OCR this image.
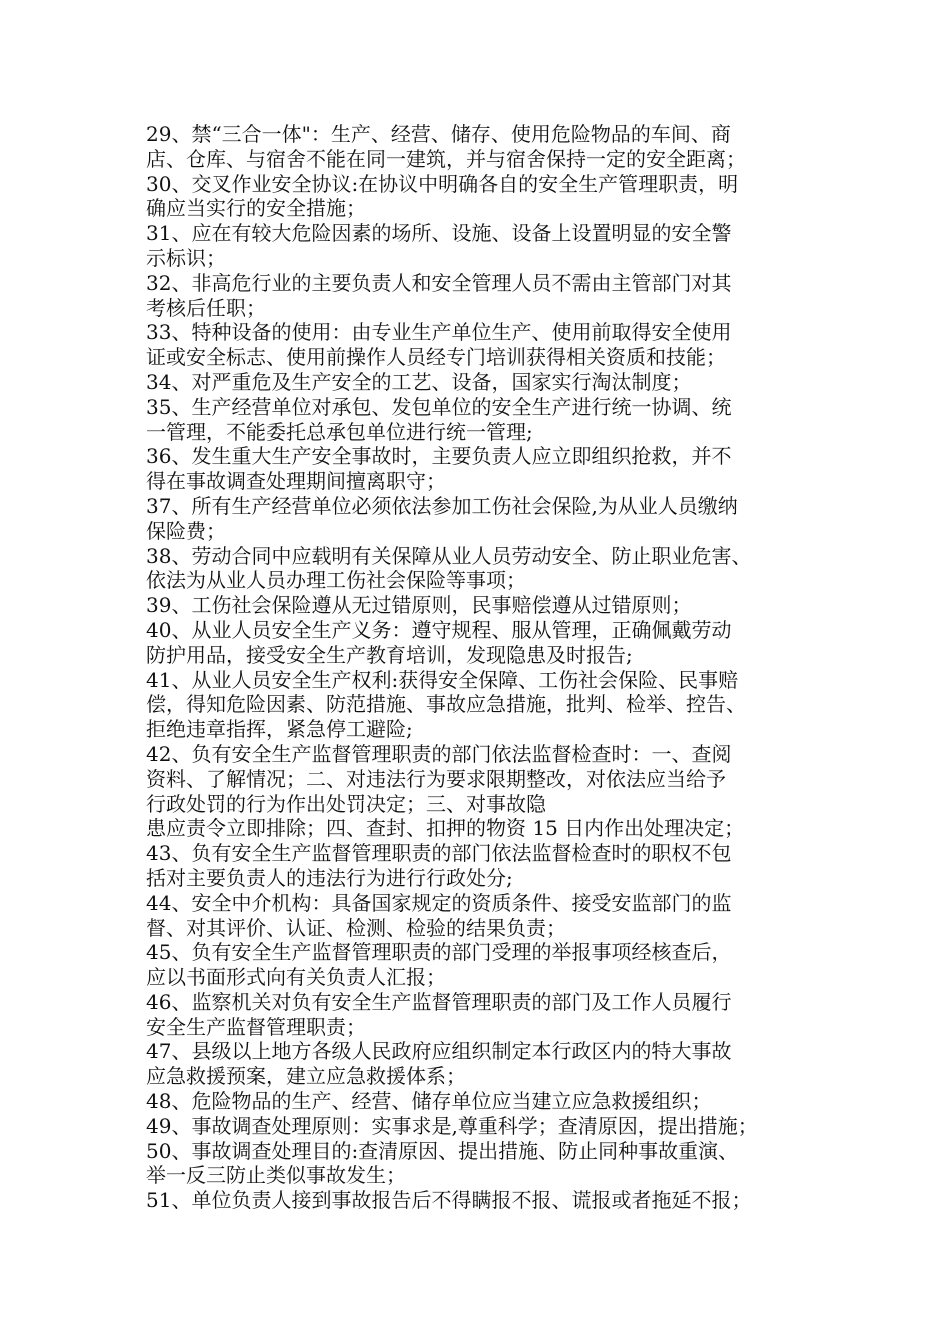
29、禁“三合一体"：生产、经营、储存、使用危险物品的车间、商
店、仓库、与宿舍不能在同一建筑，并与宿舍保持一定的安全距离；
30、交叉作业安全协议:在协议中明确各自的安全生产管理职责，明
确应当实行的安全措施；
31、应在有较大危险因素的场所、设施、设备上设置明显的安全警
示标识；
32、非高危行业的主要负责人和安全管理人员不需由主管部门对其
考核后任职；
33、特种设备的使用：由专业生产单位生产、使用前取得安全使用
证或安全标志、使用前操作人员经专门培训获得相关资质和技能；
34、对严重危及生产安全的工艺、设备，国家实行淘汰制度；
35、生产经营单位对承包、发包单位的安全生产进行统一协调、统
一管理，不能委托总承包单位进行统一管理;
36、发生重大生产安全事故时，主要负责人应立即组织抢救，并不
得在事故调查处理期间擅离职守；
37、所有生产经营单位必须依法参加工伤社会保险,为从业人员缴纳
保险费；
38、劳动合同中应载明有关保障从业人员劳动安全、防止职业危害、
依法为从业人员办理工伤社会保险等事项；
39、工伤社会保险遵从无过错原则，民事赔偿遵从过错原则；
40、从业人员安全生产义务：遵守规程、服从管理，正确佩戴劳动
防护用品，接受安全生产教育培训，发现隐患及时报告;
41、从业人员安全生产权利:获得安全保障、工伤社会保险、民事赔
偿，得知危险因素、防范措施、事故应急措施，批判、检举、控告、
拒绝违章指挥，紧急停工避险;
42、负有安全生产监督管理职责的部门依法监督检查时：一、查阅
资料、了解情况；二、对违法行为要求限期整改，对依法应当给予
行政处罚的行为作出处罚决定；三、对事故隐
患应责令立即排除；四、查封、扣押的物资 15 日内作出处理决定；
43、负有安全生产监督管理职责的部门依法监督检查时的职权不包
括对主要负责人的违法行为进行行政处分;
44、安全中介机构：具备国家规定的资质条件、接受安监部门的监
督、对其评价、认证、检测、检验的结果负责；
45、负有安全生产监督管理职责的部门受理的举报事项经核查后，
应以书面形式向有关负责人汇报；
46、监察机关对负有安全生产监督管理职责的部门及工作人员履行
安全生产监督管理职责；
47、县级以上地方各级人民政府应组织制定本行政区内的特大事故
应急救援预案，建立应急救援体系；
48、危险物品的生产、经营、储存单位应当建立应急救援组织；
49、事故调查处理原则：实事求是,尊重科学；查清原因，提出措施；
50、事故调查处理目的:查清原因、提出措施、防止同种事故重演、
举一反三防止类似事故发生；
51、单位负责人接到事故报告后不得瞒报不报、谎报或者拖延不报；
